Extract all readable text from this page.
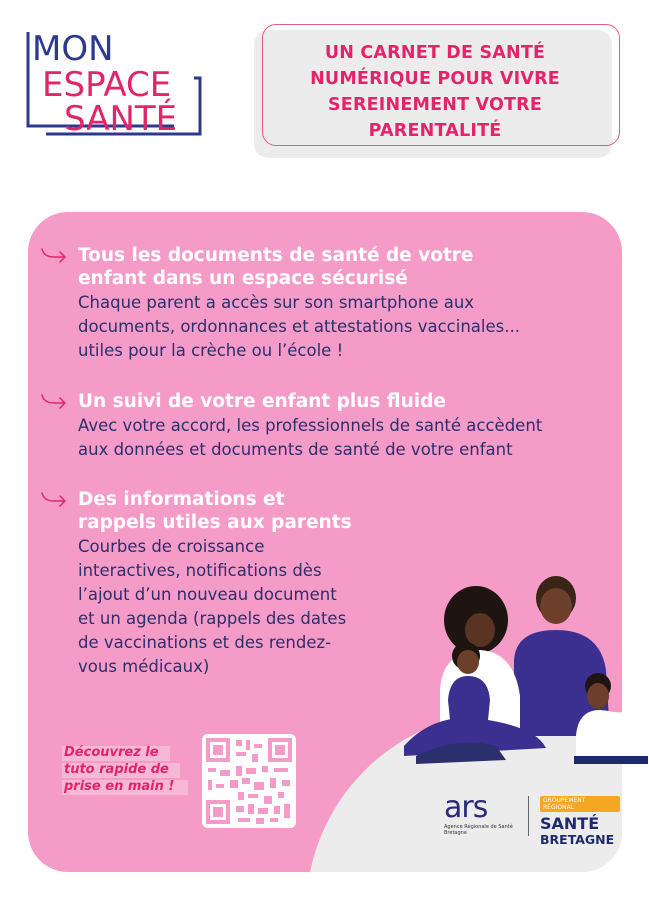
MON
ESPACE
SANTÉ
UN CARNET DE SANTÉ
NUMÉRIQUE POUR VIVRE
SEREINEMENT VOTRE
PARENTALITÉ
Tous les documents de santé de votre
enfant dans un espace sécurisé
Chaque parent a accès sur son smartphone aux
documents, ordonnances et attestations vaccinales...
utiles pour la crèche ou l’école !
Un suivi de votre enfant plus fluide
Avec votre accord, les professionnels de santé accèdent
aux données et documents de santé de votre enfant
Des informations et
rappels utiles aux parents
Courbes de croissance
interactives, notifications dès
l’ajout d’un nouveau document
et un agenda (rappels des dates
de vaccinations et des rendez-
vous médicaux)
Découvrez le
tuto rapide de
prise en main !
ars
Agence Régionale de Santé
Bretagne
GROUPEMENT RÉGIONAL
SANTÉ
BRETAGNE
